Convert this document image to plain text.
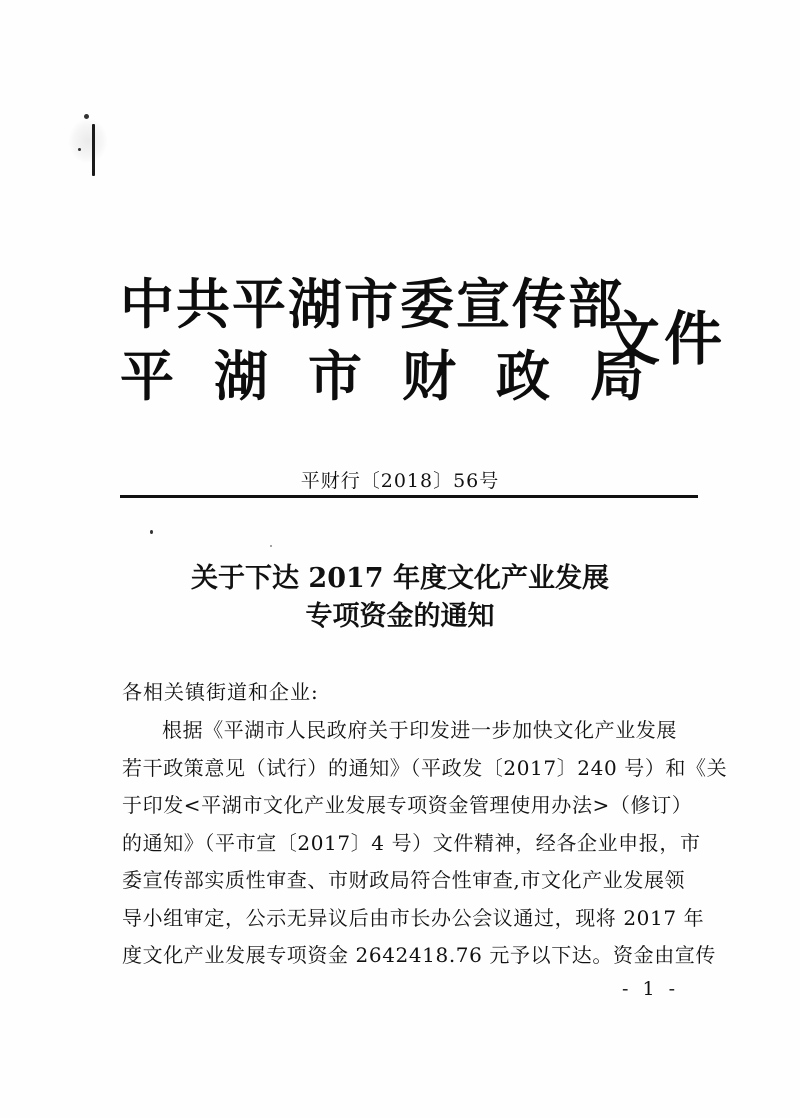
中共平湖市委宣传部
平湖市财政局
文件
平财行〔2018〕56号
关于下达 2017 年度文化产业发展
专项资金的通知
各相关镇街道和企业:
根据《平湖市人民政府关于印发进一步加快文化产业发展
若干政策意见（试行）的通知》（平政发〔2017〕240 号）和《关
于印发<平湖市文化产业发展专项资金管理使用办法>（修订）
的通知》（平市宣〔2017〕4 号）文件精神，经各企业申报，市
委宣传部实质性审查、市财政局符合性审查,市文化产业发展领
导小组审定，公示无异议后由市长办公会议通过，现将 2017 年
度文化产业发展专项资金 2642418.76 元予以下达。资金由宣传
- 1 -
